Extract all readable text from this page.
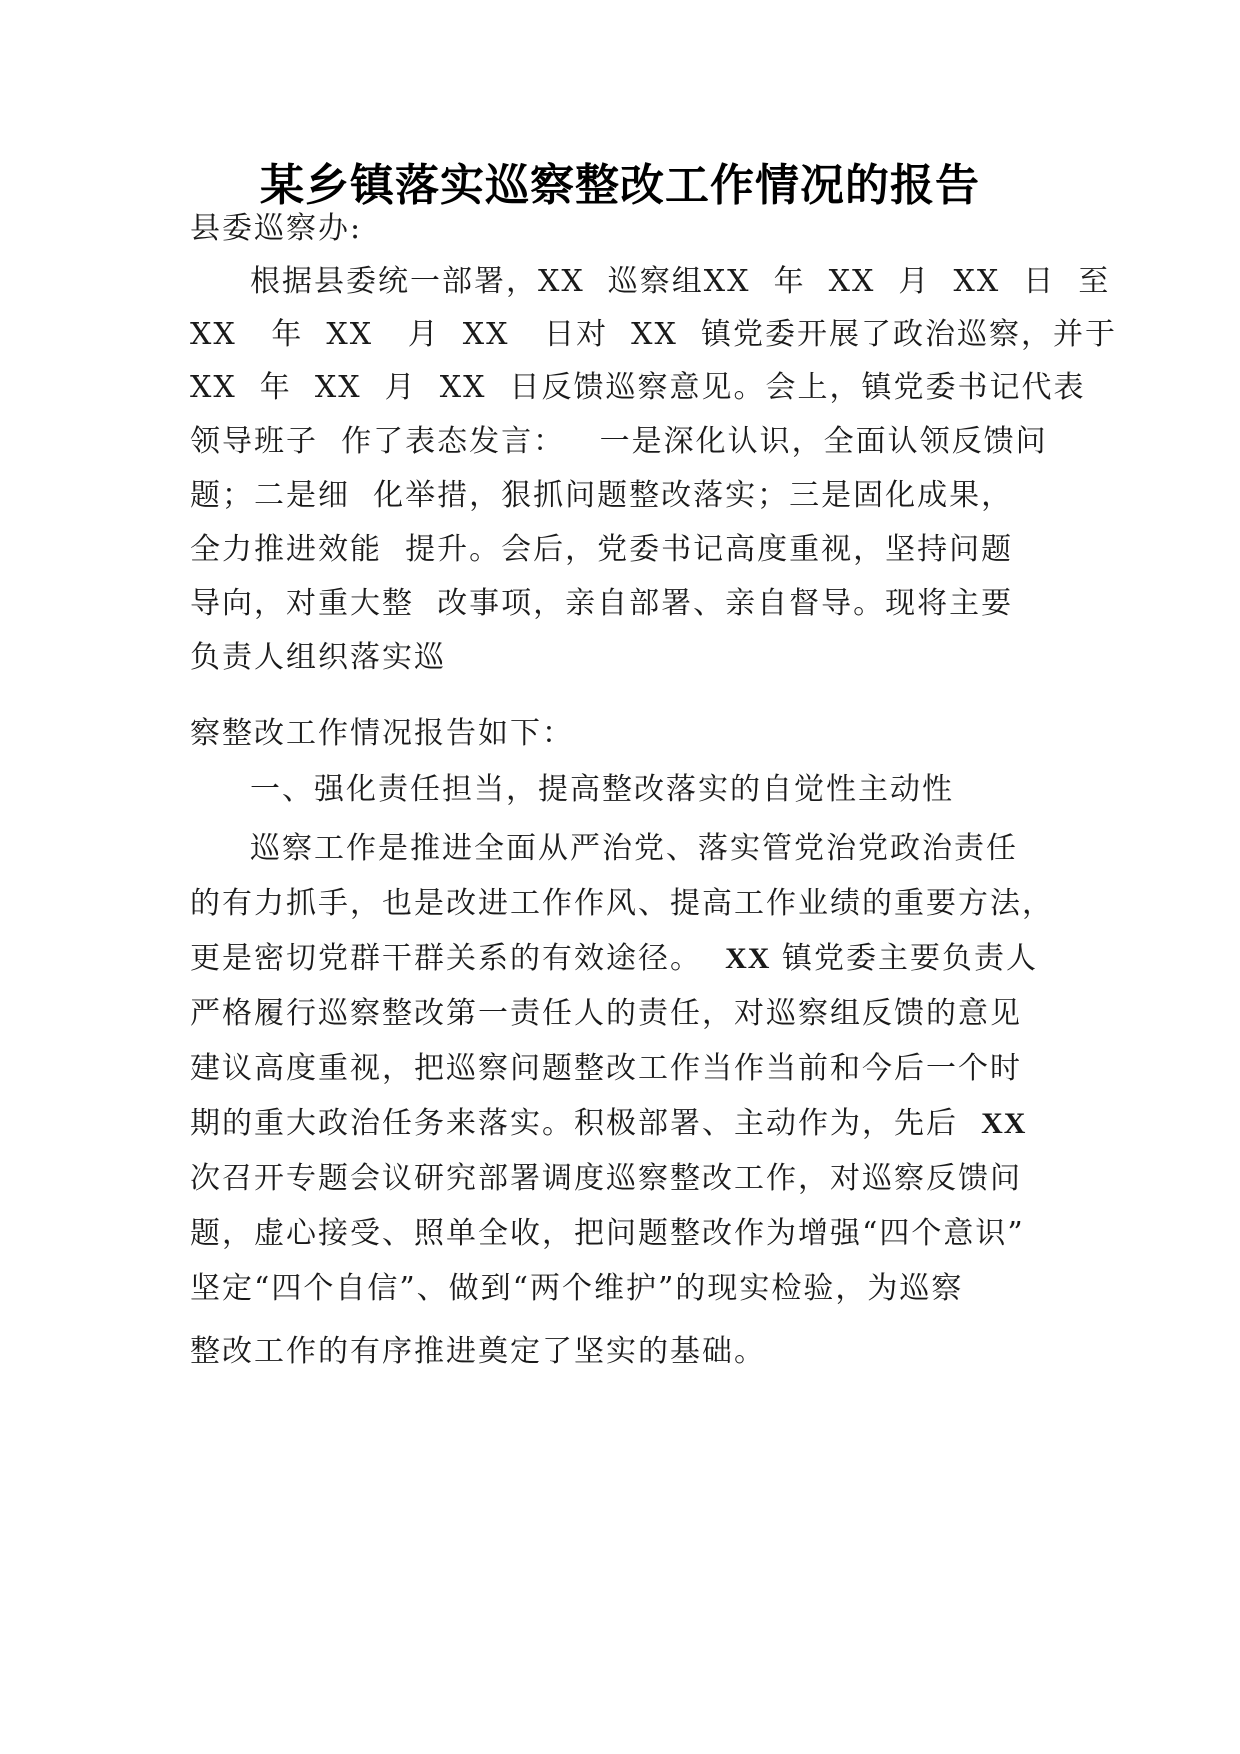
某乡镇落实巡察整改工作情况的报告
县委巡察办:
根据县委统一部署，XX  巡察组XX  年  XX  月  XX  日  至
XX   年  XX   月  XX   日对  XX  镇党委开展了政治巡察，并于
XX  年  XX  月  XX  日反馈巡察意见。会上，镇党委书记代表
领导班子  作了表态发言：   一是深化认识，全面认领反馈问
题；二是细  化举措，狠抓问题整改落实；三是固化成果，
全力推进效能  提升。会后，党委书记高度重视，坚持问题
导向，对重大整  改事项，亲自部署、亲自督导。现将主要
负责人组织落实巡
察整改工作情况报告如下：
一、强化责任担当，提高整改落实的自觉性主动性
巡察工作是推进全面从严治党、落实管党治党政治责任
的有力抓手，也是改进工作作风、提高工作业绩的重要方法，
更是密切党群干群关系的有效途径。 XX 镇党委主要负责人
严格履行巡察整改第一责任人的责任，对巡察组反馈的意见
建议高度重视，把巡察问题整改工作当作当前和今后一个时
期的重大政治任务来落实。积极部署、主动作为，先后 XX
次召开专题会议研究部署调度巡察整改工作，对巡察反馈问
题，虚心接受、照单全收，把问题整改作为增强“四个意识”
坚定“四个自信”、做到“两个维护”的现实检验，为巡察
整改工作的有序推进奠定了坚实的基础。
